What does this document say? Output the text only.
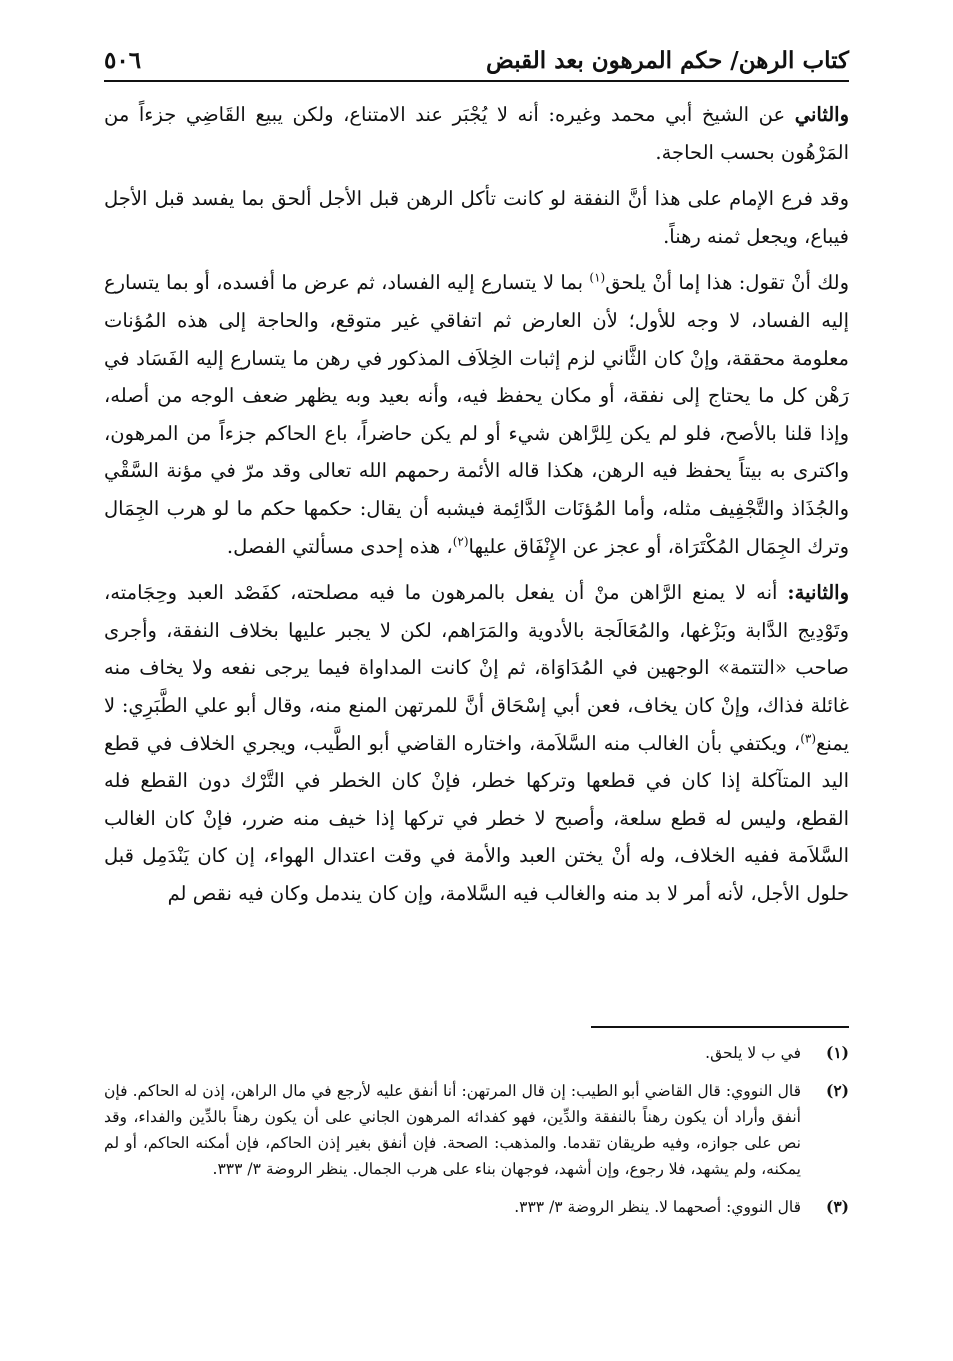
كتاب الرهن/ حكم المرهون بعد القبض
٥٠٦

والثاني عن الشيخ أبي محمد وغيره: أنه لا يُجْبَر عند الامتناع، ولكن يبيع القَاضِي جزءاً من المَرْهُون بحسب الحاجة.

وقد فرع الإمام على هذا أنَّ النفقة لو كانت تأكل الرهن قبل الأجل ألحق بما يفسد قبل الأجل فيباع، ويجعل ثمنه رهناً.

ولك أنْ تقول: هذا إما أنْ يلحق$^{(١)}$ بما لا يتسارع إليه الفساد، ثم عرض ما أفسده، أو بما يتسارع إليه الفساد، لا وجه للأول؛ لأن العارض ثم اتفاقي غير متوقع، والحاجة إلى هذه المُؤنات معلومة محققة، وإنْ كان الثَّاني لزم إثبات الخِلاَف المذكور في رهن ما يتسارع إليه الفَسَاد في رَهْن كل ما يحتاج إلى نفقة، أو مكان يحفظ فيه، وأنه بعيد وبه يظهر ضعف الوجه من أصله، وإذا قلنا بالأصح، فلو لم يكن لِلرَّاهن شيء أو لم يكن حاضراً، باع الحاكم جزءاً من المرهون، واكترى به بيتاً يحفظ فيه الرهن، هكذا قاله الأئمة رحمهم الله تعالى وقد مرّ في مؤنة السَّقْي والجُذَاذ والتَّجْفِيف مثله، وأما المُؤنَات الدَّائِمة فيشبه أن يقال: حكمها حكم ما لو هرب الجِمَال وترك الجِمَال المُكْتَرَاة، أو عجز عن الإِنْفَاق عليها$^{(٢)}$، هذه إحدى مسألتي الفصل.

والثانية: أنه لا يمنع الرَّاهن منْ أن يفعل بالمرهون ما فيه مصلحته، كفَصْد العبد وحِجَامته، وتَوْدِيج الدَّابة وبَزْغها، والمُعَالَجة بالأدوية والمَرَاهم، لكن لا يجبر عليها بخلاف النفقة، وأجرى صاحب «التتمة» الوجهين في المُدَاوَاة، ثم إنْ كانت المداواة فيما يرجى نفعه ولا يخاف منه غائلة فذاك، وإنْ كان يخاف، فعن أبي إسْحَاق أنَّ للمرتهن المنع منه، وقال أبو علي الطَّبَرِي: لا يمنع$^{(٣)}$، ويكتفي بأن الغالب منه السَّلاَمة، واختاره القاضي أبو الطَّيب، ويجري الخلاف في قطع اليد المتآكلة إذا كان في قطعها وتركها خطر، فإنْ كان الخطر في التَّرْك دون القطع فله القطع، وليس له قطع سلعة، وأصبح لا خطر في تركها إذا خيف منه ضرر، فإنْ كان الغالب السَّلاَمة ففيه الخلاف، وله أنْ يختن العبد والأمة في وقت اعتدال الهواء، إن كان يَنْدَمِل قبل حلول الأجل، لأنه أمر لا بد منه والغالب فيه السَّلامة، وإن كان يندمل وكان فيه نقص لم

(١)
في ب لا يلحق.
(٢)
قال النووي: قال القاضي أبو الطيب: إن قال المرتهن: أنا أنفق عليه لأرجع في مال الراهن، إذن له الحاكم. فإن أنفق وأراد أن يكون رهناً بالنفقة والدِّين، فهو كفدائه المرهون الجاني على أن يكون رهناً بالدِّين والفداء، وقد نص على جوازه، وفيه طريقان تقدما. والمذهب: الصحة. فإن أنفق بغير إذن الحاكم، فإن أمكنه الحاكم، أو لم يمكنه، ولم يشهد، فلا رجوع، وإن أشهد، فوجهان بناء على هرب الجمال. ينظر الروضة ٣/ ٣٣٣.
(٣)
قال النووي: أصحهما لا. ينظر الروضة ٣/ ٣٣٣.
